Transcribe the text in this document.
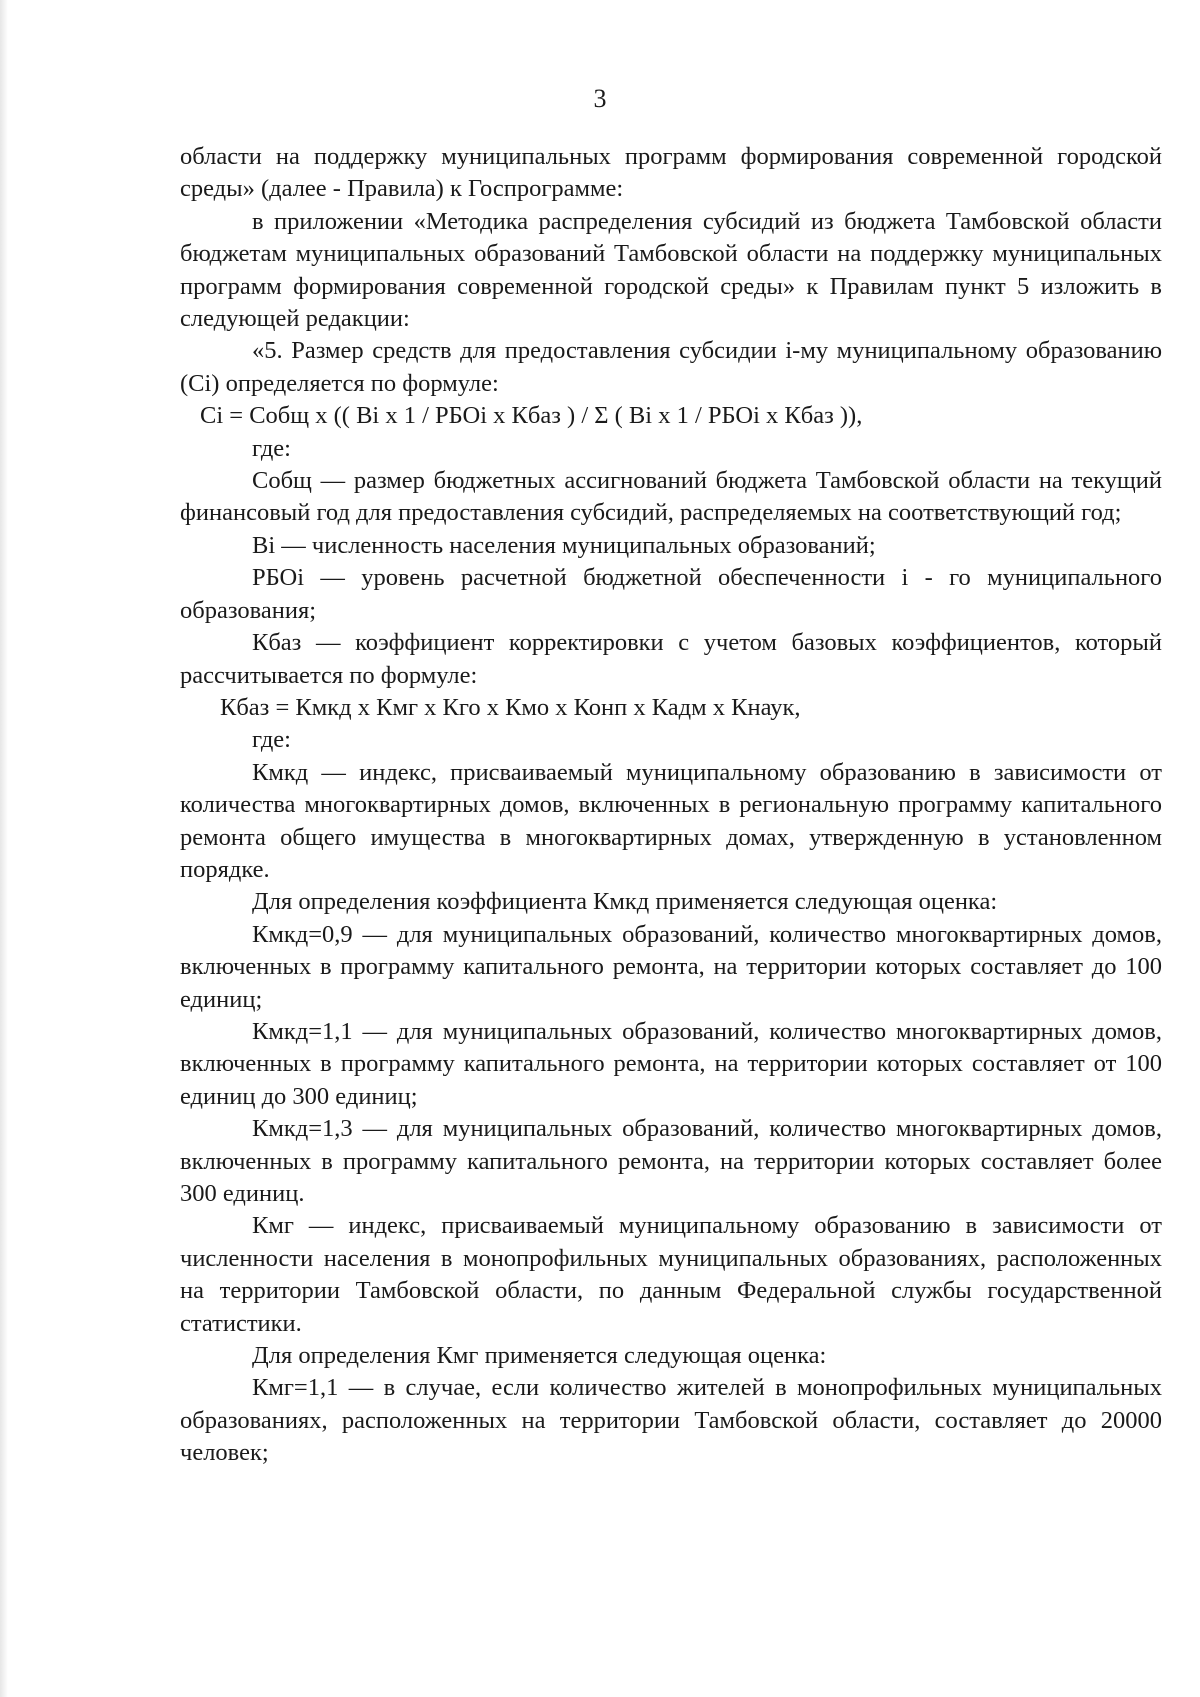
3

области на поддержку муниципальных программ формирования современной городской среды» (далее - Правила) к Госпрограмме:

в приложении «Методика распределения субсидий из бюджета Тамбовской области бюджетам муниципальных образований Тамбовской области на поддержку муниципальных программ формирования современной городской среды» к Правилам пункт 5 изложить в следующей редакции:

«5. Размер средств для предоставления субсидии i-му муниципальному образованию (Ci) определяется по формуле:

Ci = Cобщ х (( Bi х 1 / РБОi х Кбаз ) / Σ ( Bi х 1 / РБОi х Кбаз )),

где:

Cобщ — размер бюджетных ассигнований бюджета Тамбовской области на текущий финансовый год для предоставления субсидий, распределяемых на соответствующий год;

Bi — численность населения муниципальных образований;

РБОi — уровень расчетной бюджетной обеспеченности i - го муниципального образования;

Кбаз — коэффициент корректировки с учетом базовых коэффициентов, который рассчитывается по формуле:

Кбаз = Кмкд х Кмг х Кго х Кмо х Конп х Кадм х Кнаук,

где:

Кмкд — индекс, присваиваемый муниципальному образованию в зависимости от количества многоквартирных домов, включенных в региональную программу капитального ремонта общего имущества в многоквартирных домах, утвержденную в установленном порядке.

Для определения коэффициента Кмкд применяется следующая оценка:

Кмкд=0,9 — для муниципальных образований, количество многоквартирных домов, включенных в программу капитального ремонта, на территории которых составляет до 100 единиц;

Кмкд=1,1 — для муниципальных образований, количество многоквартирных домов, включенных в программу капитального ремонта, на территории которых составляет от 100 единиц до 300 единиц;

Кмкд=1,3 — для муниципальных образований, количество многоквартирных домов, включенных в программу капитального ремонта, на территории которых составляет более 300 единиц.

Кмг — индекс, присваиваемый муниципальному образованию в зависимости от численности населения в монопрофильных муниципальных образованиях, расположенных на территории Тамбовской области, по данным Федеральной службы государственной статистики.

Для определения Кмг применяется следующая оценка:

Кмг=1,1 — в случае, если количество жителей в монопрофильных муниципальных образованиях, расположенных на территории Тамбовской области, составляет до 20000 человек;
